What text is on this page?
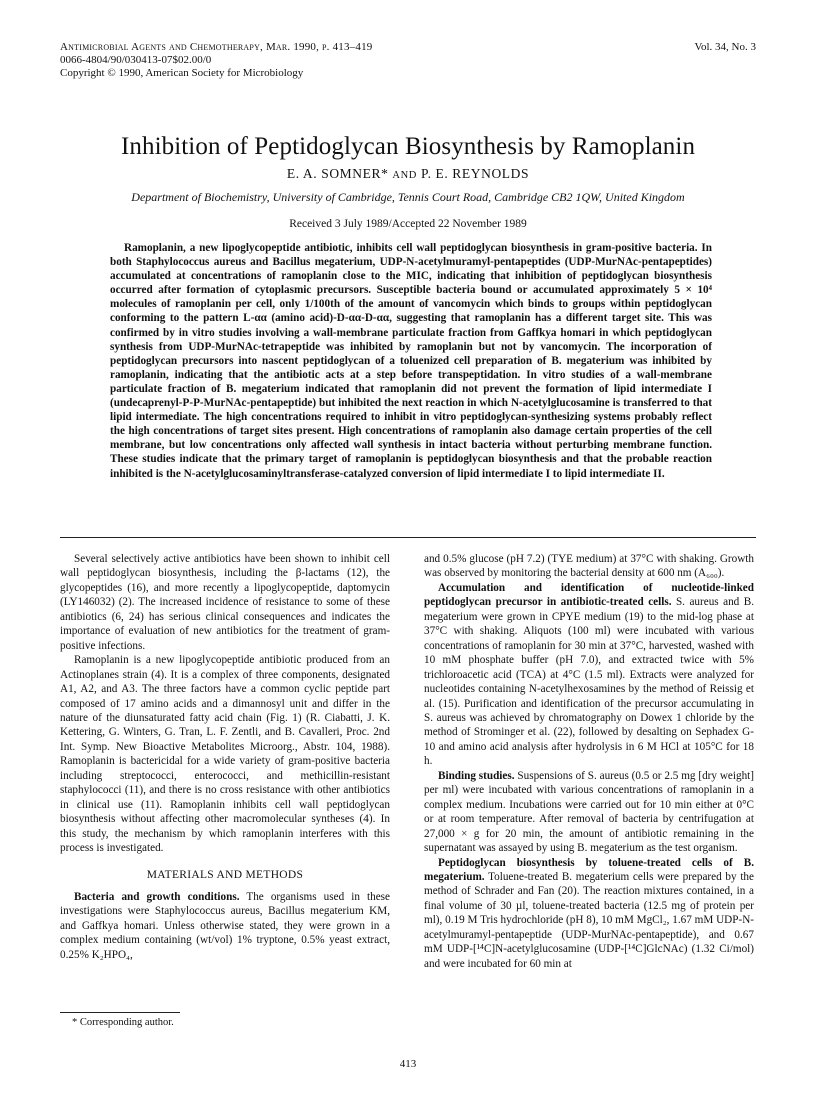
Antimicrobial Agents and Chemotherapy, Mar. 1990, p. 413–419
0066-4804/90/030413-07$02.00/0
Copyright © 1990, American Society for Microbiology
Vol. 34, No. 3
Inhibition of Peptidoglycan Biosynthesis by Ramoplanin
E. A. SOMNER* AND P. E. REYNOLDS
Department of Biochemistry, University of Cambridge, Tennis Court Road, Cambridge CB2 1QW, United Kingdom
Received 3 July 1989/Accepted 22 November 1989
Ramoplanin, a new lipoglycopeptide antibiotic, inhibits cell wall peptidoglycan biosynthesis in gram-positive bacteria. In both Staphylococcus aureus and Bacillus megaterium, UDP-N-acetylmuramyl-pentapeptides (UDP-MurNAc-pentapeptides) accumulated at concentrations of ramoplanin close to the MIC, indicating that inhibition of peptidoglycan biosynthesis occurred after formation of cytoplasmic precursors. Susceptible bacteria bound or accumulated approximately 5 × 10⁴ molecules of ramoplanin per cell, only 1/100th of the amount of vancomycin which binds to groups within peptidoglycan conforming to the pattern L-αα (amino acid)-D-αα-D-αα, suggesting that ramoplanin has a different target site. This was confirmed by in vitro studies involving a wall-membrane particulate fraction from Gaffkya homari in which peptidoglycan synthesis from UDP-MurNAc-tetrapeptide was inhibited by ramoplanin but not by vancomycin. The incorporation of peptidoglycan precursors into nascent peptidoglycan of a toluenized cell preparation of B. megaterium was inhibited by ramoplanin, indicating that the antibiotic acts at a step before transpeptidation. In vitro studies of a wall-membrane particulate fraction of B. megaterium indicated that ramoplanin did not prevent the formation of lipid intermediate I (undecaprenyl-P-P-MurNAc-pentapeptide) but inhibited the next reaction in which N-acetylglucosamine is transferred to that lipid intermediate. The high concentrations required to inhibit in vitro peptidoglycan-synthesizing systems probably reflect the high concentrations of target sites present. High concentrations of ramoplanin also damage certain properties of the cell membrane, but low concentrations only affected wall synthesis in intact bacteria without perturbing membrane function. These studies indicate that the primary target of ramoplanin is peptidoglycan biosynthesis and that the probable reaction inhibited is the N-acetylglucosaminyltransferase-catalyzed conversion of lipid intermediate I to lipid intermediate II.

Several selectively active antibiotics have been shown to inhibit cell wall peptidoglycan biosynthesis, including the β-lactams (12), the glycopeptides (16), and more recently a lipoglycopeptide, daptomycin (LY146032) (2). The increased incidence of resistance to some of these antibiotics (6, 24) has serious clinical consequences and indicates the importance of evaluation of new antibiotics for the treatment of gram-positive infections.

Ramoplanin is a new lipoglycopeptide antibiotic produced from an Actinoplanes strain (4). It is a complex of three components, designated A1, A2, and A3. The three factors have a common cyclic peptide part composed of 17 amino acids and a dimannosyl unit and differ in the nature of the diunsaturated fatty acid chain (Fig. 1) (R. Ciabatti, J. K. Kettering, G. Winters, G. Tran, L. F. Zentli, and B. Cavalleri, Proc. 2nd Int. Symp. New Bioactive Metabolites Microorg., Abstr. 104, 1988). Ramoplanin is bactericidal for a wide variety of gram-positive bacteria including streptococci, enterococci, and methicillin-resistant staphylococci (11), and there is no cross resistance with other antibiotics in clinical use (11). Ramoplanin inhibits cell wall peptidoglycan biosynthesis without affecting other macromolecular syntheses (4). In this study, the mechanism by which ramoplanin interferes with this process is investigated.

MATERIALS AND METHODS

Bacteria and growth conditions. The organisms used in these investigations were Staphylococcus aureus, Bacillus megaterium KM, and Gaffkya homari. Unless otherwise stated, they were grown in a complex medium containing (wt/vol) 1% tryptone, 0.5% yeast extract, 0.25% K₂HPO₄,

and 0.5% glucose (pH 7.2) (TYE medium) at 37°C with shaking. Growth was observed by monitoring the bacterial density at 600 nm (A₆₀₀).

Accumulation and identification of nucleotide-linked peptidoglycan precursor in antibiotic-treated cells. S. aureus and B. megaterium were grown in CPYE medium (19) to the mid-log phase at 37°C with shaking. Aliquots (100 ml) were incubated with various concentrations of ramoplanin for 30 min at 37°C, harvested, washed with 10 mM phosphate buffer (pH 7.0), and extracted twice with 5% trichloroacetic acid (TCA) at 4°C (1.5 ml). Extracts were analyzed for nucleotides containing N-acetylhexosamines by the method of Reissig et al. (15). Purification and identification of the precursor accumulating in S. aureus was achieved by chromatography on Dowex 1 chloride by the method of Strominger et al. (22), followed by desalting on Sephadex G-10 and amino acid analysis after hydrolysis in 6 M HCl at 105°C for 18 h.

Binding studies. Suspensions of S. aureus (0.5 or 2.5 mg [dry weight] per ml) were incubated with various concentrations of ramoplanin in a complex medium. Incubations were carried out for 10 min either at 0°C or at room temperature. After removal of bacteria by centrifugation at 27,000 × g for 20 min, the amount of antibiotic remaining in the supernatant was assayed by using B. megaterium as the test organism.

Peptidoglycan biosynthesis by toluene-treated cells of B. megaterium. Toluene-treated B. megaterium cells were prepared by the method of Schrader and Fan (20). The reaction mixtures contained, in a final volume of 30 µl, toluene-treated bacteria (12.5 mg of protein per ml), 0.19 M Tris hydrochloride (pH 8), 10 mM MgCl₂, 1.67 mM UDP-N-acetylmuramyl-pentapeptide (UDP-MurNAc-pentapeptide), and 0.67 mM UDP-[¹⁴C]N-acetylglucosamine (UDP-[¹⁴C]GlcNAc) (1.32 Ci/mol) and were incubated for 60 min at

* Corresponding author.
413
